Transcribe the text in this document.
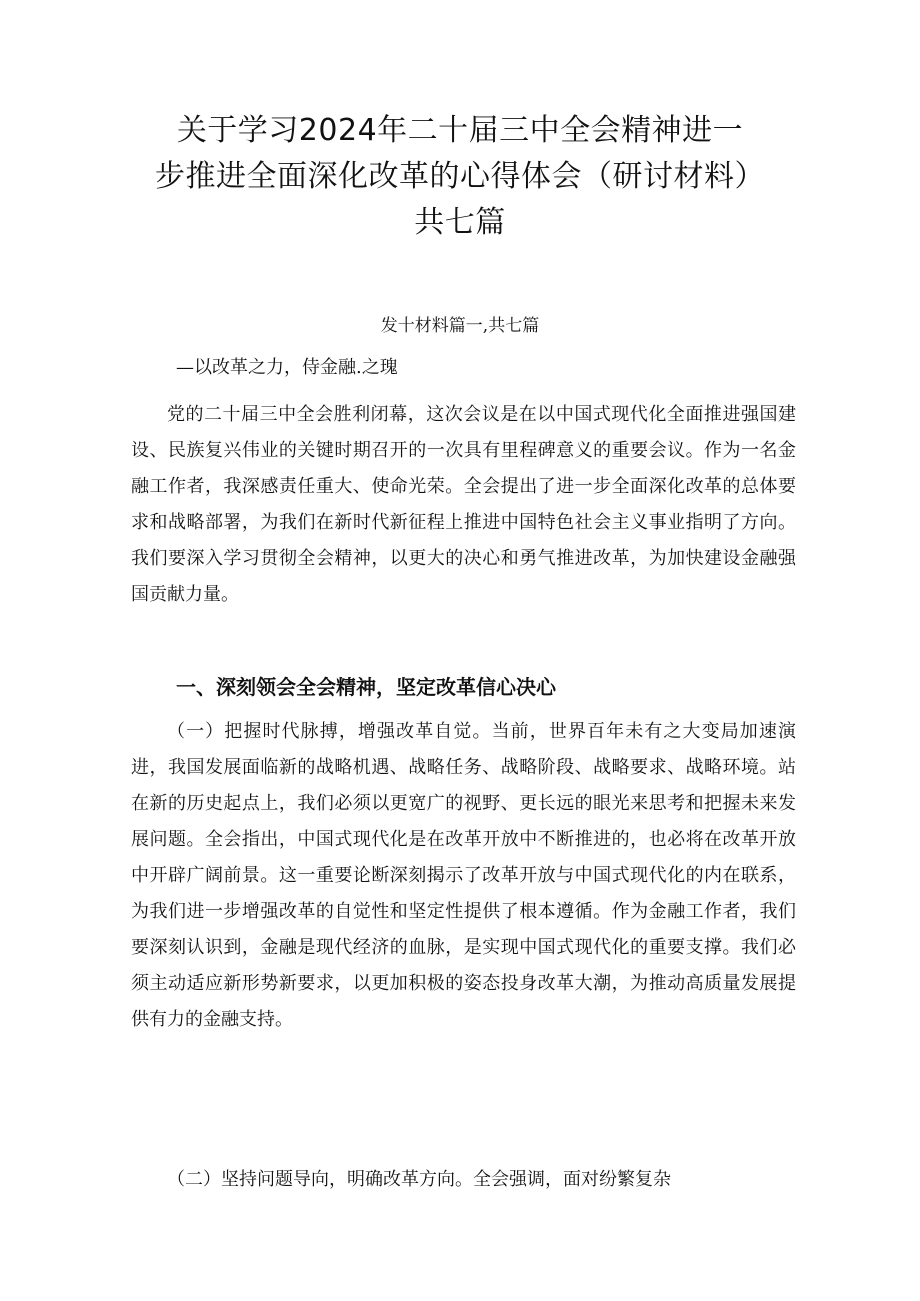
关于学习2024年二十届三中全会精神进一
步推进全面深化改革的心得体会（研讨材料）
共七篇
发十材料篇一,共七篇
—以改革之力，侍金融.之瑰

党的二十届三中全会胜利闭幕，这次会议是在以中国式现代化全面推进强国建设、民族复兴伟业的关键时期召开的一次具有里程碑意义的重要会议。作为一名金融工作者，我深感责任重大、使命光荣。全会提出了进一步全面深化改革的总体要求和战略部署，为我们在新时代新征程上推进中国特色社会主义事业指明了方向。我们要深入学习贯彻全会精神，以更大的决心和勇气推进改革，为加快建设金融强国贡献力量。

一、深刻领会全会精神，坚定改革信心决心

（一）把握时代脉搏，增强改革自觉。当前，世界百年未有之大变局加速演进，我国发展面临新的战略机遇、战略任务、战略阶段、战略要求、战略环境。站在新的历史起点上，我们必须以更宽广的视野、更长远的眼光来思考和把握未来发展问题。全会指出，中国式现代化是在改革开放中不断推进的，也必将在改革开放中开辟广阔前景。这一重要论断深刻揭示了改革开放与中国式现代化的内在联系，为我们进一步增强改革的自觉性和坚定性提供了根本遵循。作为金融工作者，我们要深刻认识到，金融是现代经济的血脉，是实现中国式现代化的重要支撑。我们必须主动适应新形势新要求，以更加积极的姿态投身改革大潮，为推动高质量发展提供有力的金融支持。

（二）坚持问题导向，明确改革方向。全会强调，面对纷繁复杂
